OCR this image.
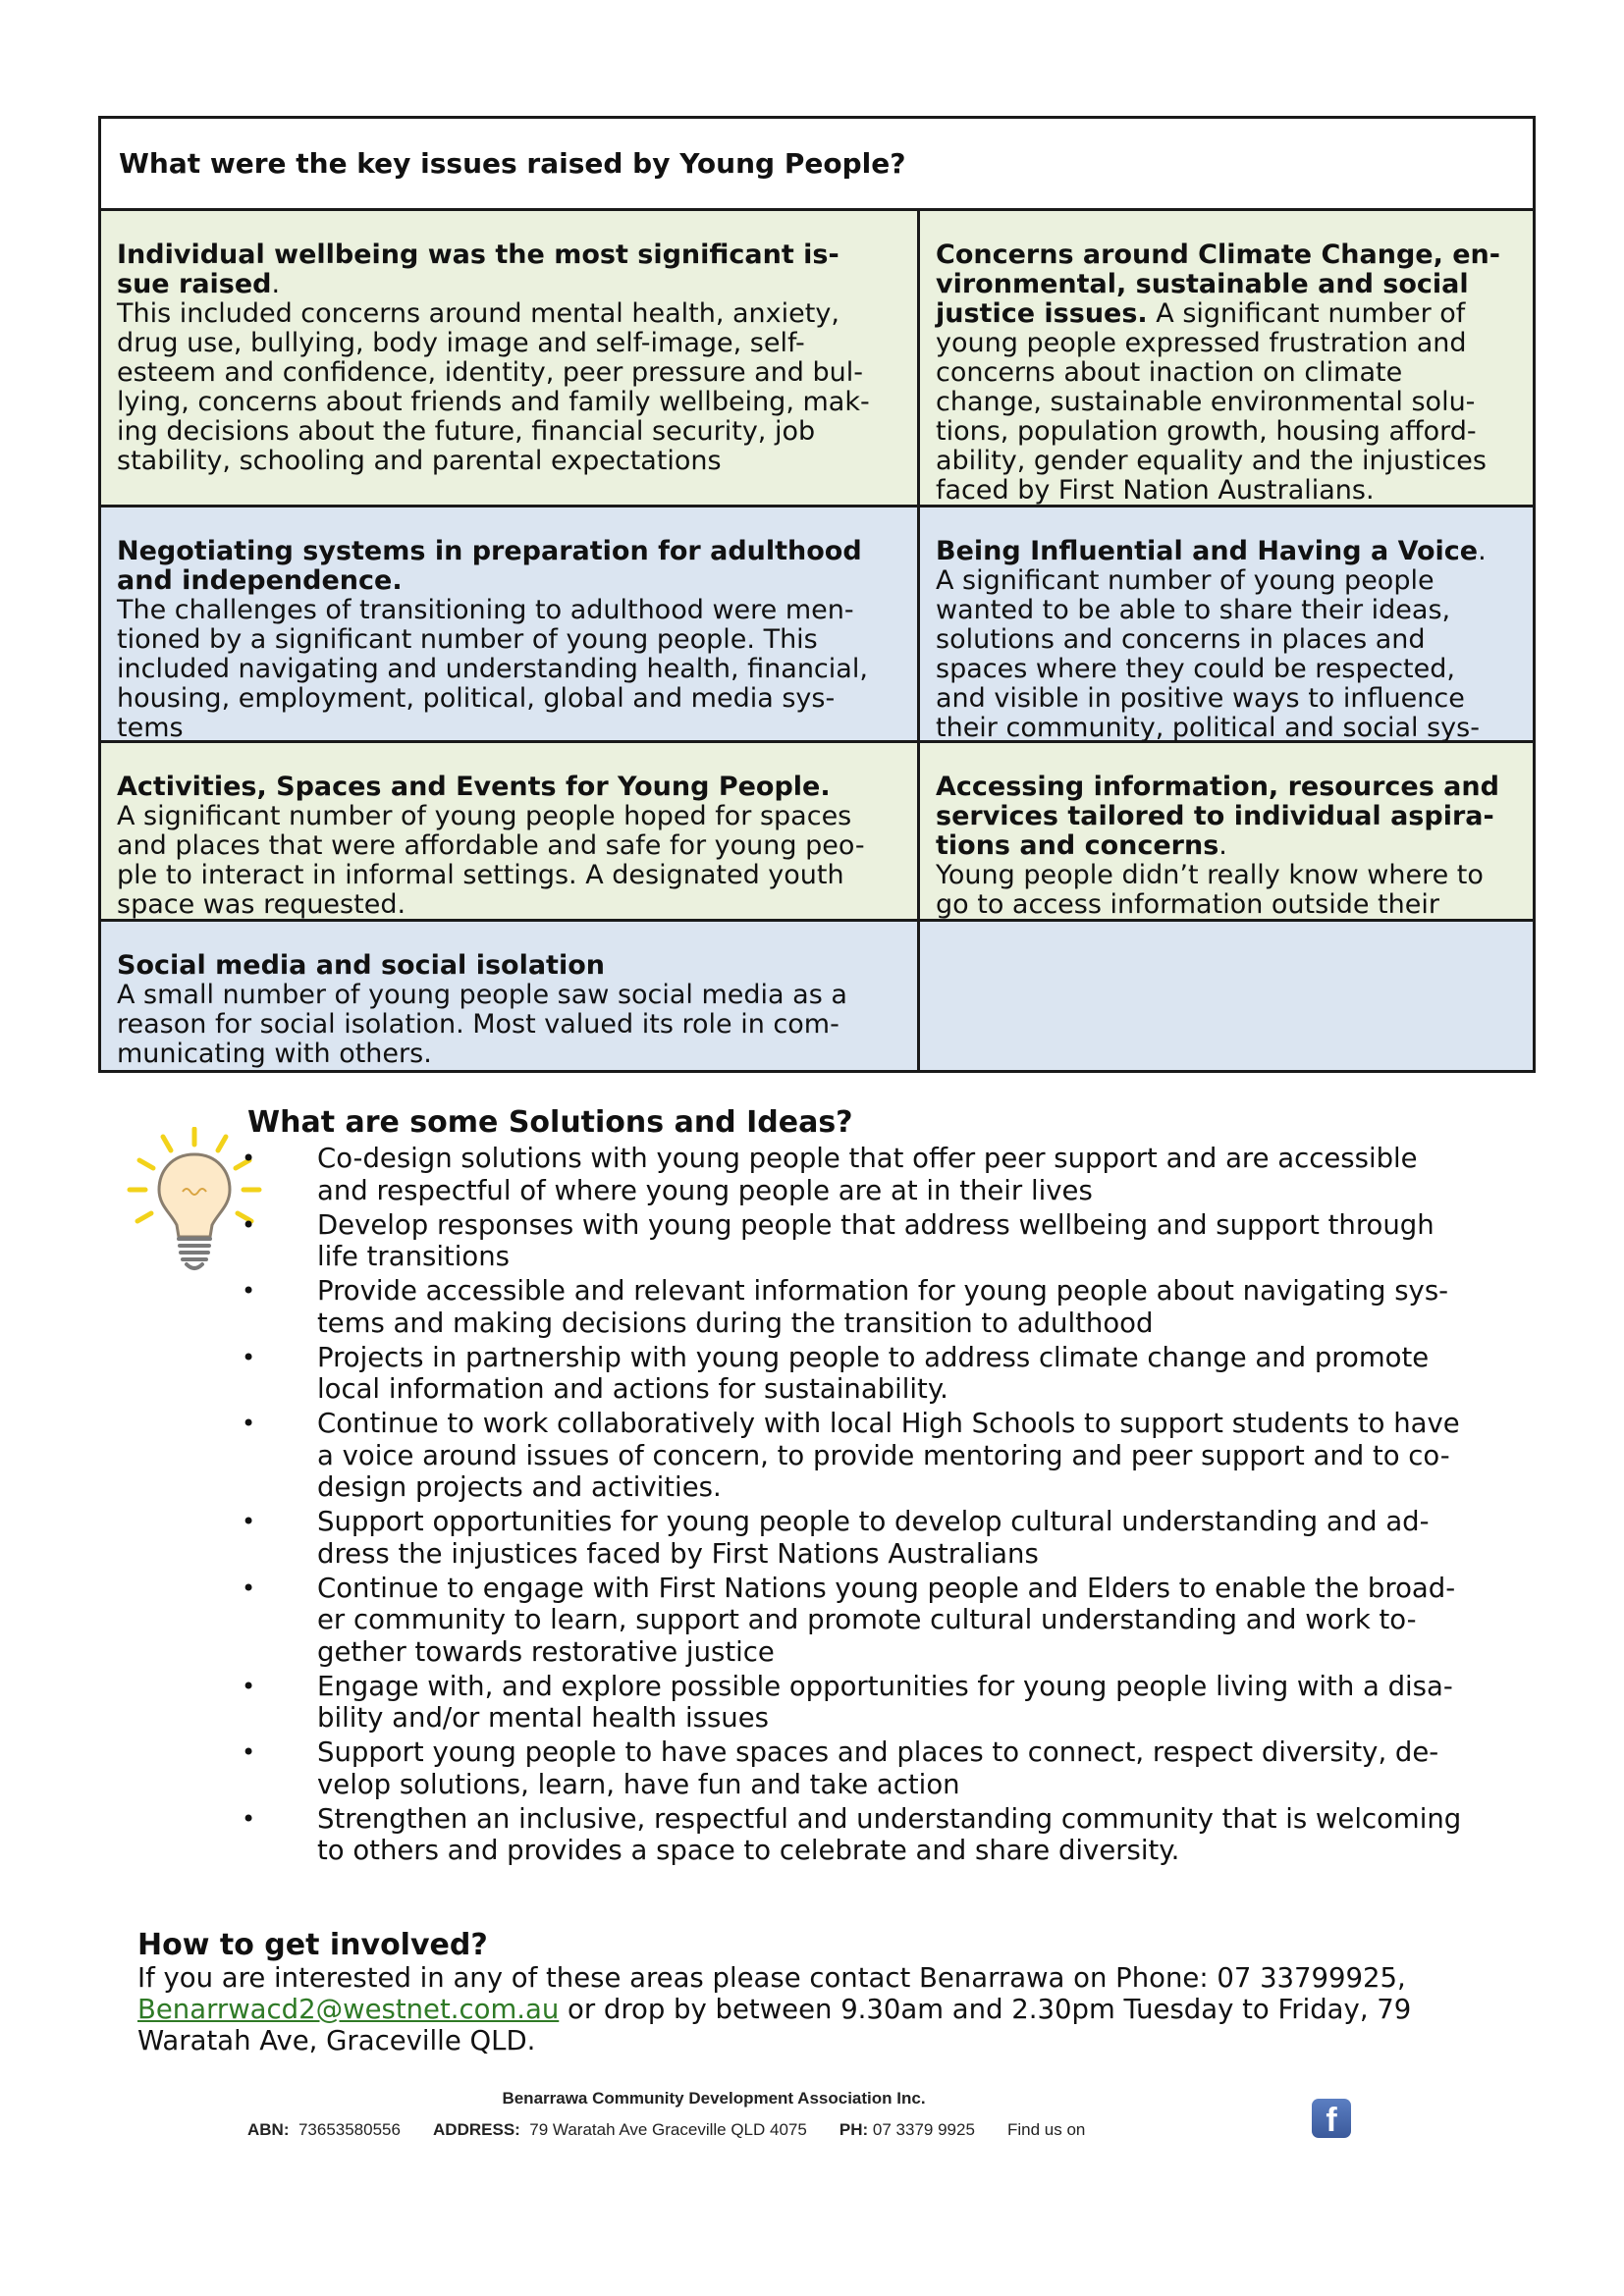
What were the key issues raised by Young People?

Individual wellbeing was the most significant is-
sue raised.
This included concerns around mental health, anxiety,
drug use, bullying, body image and self-image, self-
esteem and confidence, identity, peer pressure and bul-
lying, concerns about friends and family wellbeing, mak-
ing decisions about the future, financial security, job
stability, schooling and parental expectations

Concerns around Climate Change, en-
vironmental, sustainable and social
justice issues. A significant number of
young people expressed frustration and
concerns about inaction on climate
change, sustainable environmental solu-
tions, population growth, housing afford-
ability, gender equality and the injustices
faced by First Nation Australians.

Negotiating systems in preparation for adulthood
and independence.
The challenges of transitioning to adulthood were men-
tioned by a significant number of young people. This
included navigating and understanding health, financial,
housing, employment, political, global and media sys-
tems

Being Influential and Having a Voice.
A significant number of young people
wanted to be able to share their ideas,
solutions and concerns in places and
spaces where they could be respected,
and visible in positive ways to influence
their community, political and social sys-

Activities, Spaces and Events for Young People.
A significant number of young people hoped for spaces
and places that were affordable and safe for young peo-
ple to interact in informal settings. A designated youth
space was requested.

Accessing information, resources and
services tailored to individual aspira-
tions and concerns.
Young people didn’t really know where to
go to access information outside their

Social media and social isolation
A small number of young people saw social media as a
reason for social isolation. Most valued its role in com-
municating with others.

What are some Solutions and Ideas?
• Co-design solutions with young people that offer peer support and are accessible
and respectful of where young people are at in their lives
• Develop responses with young people that address wellbeing and support through
life transitions
• Provide accessible and relevant information for young people about navigating sys-
tems and making decisions during the transition to adulthood
• Projects in partnership with young people to address climate change and promote
local information and actions for sustainability.
• Continue to work collaboratively with local High Schools to support students to have
a voice around issues of concern, to provide mentoring and peer support and to co-
design projects and activities.
• Support opportunities for young people to develop cultural understanding and ad-
dress the injustices faced by First Nations Australians
• Continue to engage with First Nations young people and Elders to enable the broad-
er community to learn, support and promote cultural understanding and work to-
gether towards restorative justice
• Engage with, and explore possible opportunities for young people living with a disa-
bility and/or mental health issues
• Support young people to have spaces and places to connect, respect diversity, de-
velop solutions, learn, have fun and take action
• Strengthen an inclusive, respectful and understanding community that is welcoming
to others and provides a space to celebrate and share diversity.
How to get involved?
If you are interested in any of these areas please contact Benarrawa on Phone: 07 33799925,
Benarrwacd2@westnet.com.au or drop by between 9.30am and 2.30pm Tuesday to Friday, 79
Waratah Ave, Graceville QLD.
Benarrawa Community Development Association Inc.
ABN: 73653580556 ADDRESS: 79 Waratah Ave Graceville QLD 4075 PH: 07 3379 9925 Find us on	f
